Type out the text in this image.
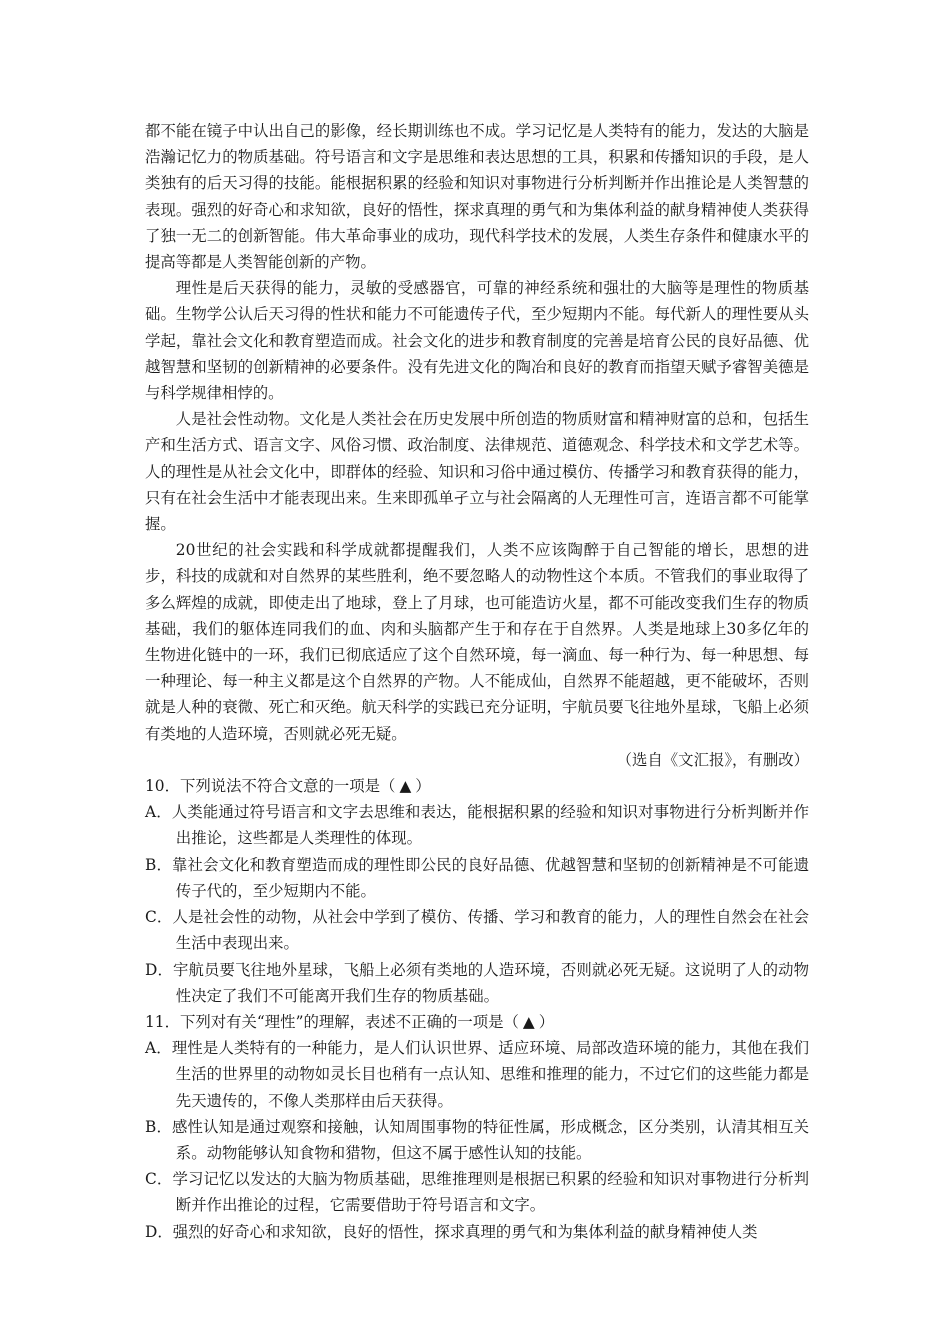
都不能在镜子中认出自己的影像，经长期训练也不成。学习记忆是人类特有的能力，发达的大脑是浩瀚记忆力的物质基础。符号语言和文字是思维和表达思想的工具，积累和传播知识的手段，是人类独有的后天习得的技能。能根据积累的经验和知识对事物进行分析判断并作出推论是人类智慧的表现。强烈的好奇心和求知欲，良好的悟性，探求真理的勇气和为集体利益的献身精神使人类获得了独一无二的创新智能。伟大革命事业的成功，现代科学技术的发展，人类生存条件和健康水平的提高等都是人类智能创新的产物。

理性是后天获得的能力，灵敏的受感器官，可靠的神经系统和强壮的大脑等是理性的物质基础。生物学公认后天习得的性状和能力不可能遗传子代，至少短期内不能。每代新人的理性要从头学起，靠社会文化和教育塑造而成。社会文化的进步和教育制度的完善是培育公民的良好品德、优越智慧和坚韧的创新精神的必要条件。没有先进文化的陶冶和良好的教育而指望天赋予睿智美德是与科学规律相悖的。

人是社会性动物。文化是人类社会在历史发展中所创造的物质财富和精神财富的总和，包括生产和生活方式、语言文字、风俗习惯、政治制度、法律规范、道德观念、科学技术和文学艺术等。人的理性是从社会文化中，即群体的经验、知识和习俗中通过模仿、传播学习和教育获得的能力，只有在社会生活中才能表现出来。生来即孤单孑立与社会隔离的人无理性可言，连语言都不可能掌握。

20世纪的社会实践和科学成就都提醒我们，人类不应该陶醉于自己智能的增长，思想的进步，科技的成就和对自然界的某些胜利，绝不要忽略人的动物性这个本质。不管我们的事业取得了多么辉煌的成就，即使走出了地球，登上了月球，也可能造访火星，都不可能改变我们生存的物质基础，我们的躯体连同我们的血、肉和头脑都产生于和存在于自然界。人类是地球上30多亿年的生物进化链中的一环，我们已彻底适应了这个自然环境，每一滴血、每一种行为、每一种思想、每一种理论、每一种主义都是这个自然界的产物。人不能成仙，自然界不能超越，更不能破坏，否则就是人种的衰微、死亡和灭绝。航天科学的实践已充分证明，宇航员要飞往地外星球，飞船上必须有类地的人造环境，否则就必死无疑。

（选自《文汇报》，有删改）

10．下列说法不符合文意的一项是（ ▲ ）

A．人类能通过符号语言和文字去思维和表达，能根据积累的经验和知识对事物进行分析判断并作出推论，这些都是人类理性的体现。

B．靠社会文化和教育塑造而成的理性即公民的良好品德、优越智慧和坚韧的创新精神是不可能遗传子代的，至少短期内不能。

C．人是社会性的动物，从社会中学到了模仿、传播、学习和教育的能力，人的理性自然会在社会生活中表现出来。

D．宇航员要飞往地外星球，飞船上必须有类地的人造环境，否则就必死无疑。这说明了人的动物性决定了我们不可能离开我们生存的物质基础。

11．下列对有关“理性”的理解，表述不正确的一项是（ ▲ ）

A．理性是人类特有的一种能力，是人们认识世界、适应环境、局部改造环境的能力，其他在我们生活的世界里的动物如灵长目也稍有一点认知、思维和推理的能力，不过它们的这些能力都是先天遗传的，不像人类那样由后天获得。

B．感性认知是通过观察和接触，认知周围事物的特征性属，形成概念，区分类别，认清其相互关系。动物能够认知食物和猎物，但这不属于感性认知的技能。

C．学习记忆以发达的大脑为物质基础，思维推理则是根据已积累的经验和知识对事物进行分析判断并作出推论的过程，它需要借助于符号语言和文字。

D．强烈的好奇心和求知欲，良好的悟性，探求真理的勇气和为集体利益的献身精神使人类
